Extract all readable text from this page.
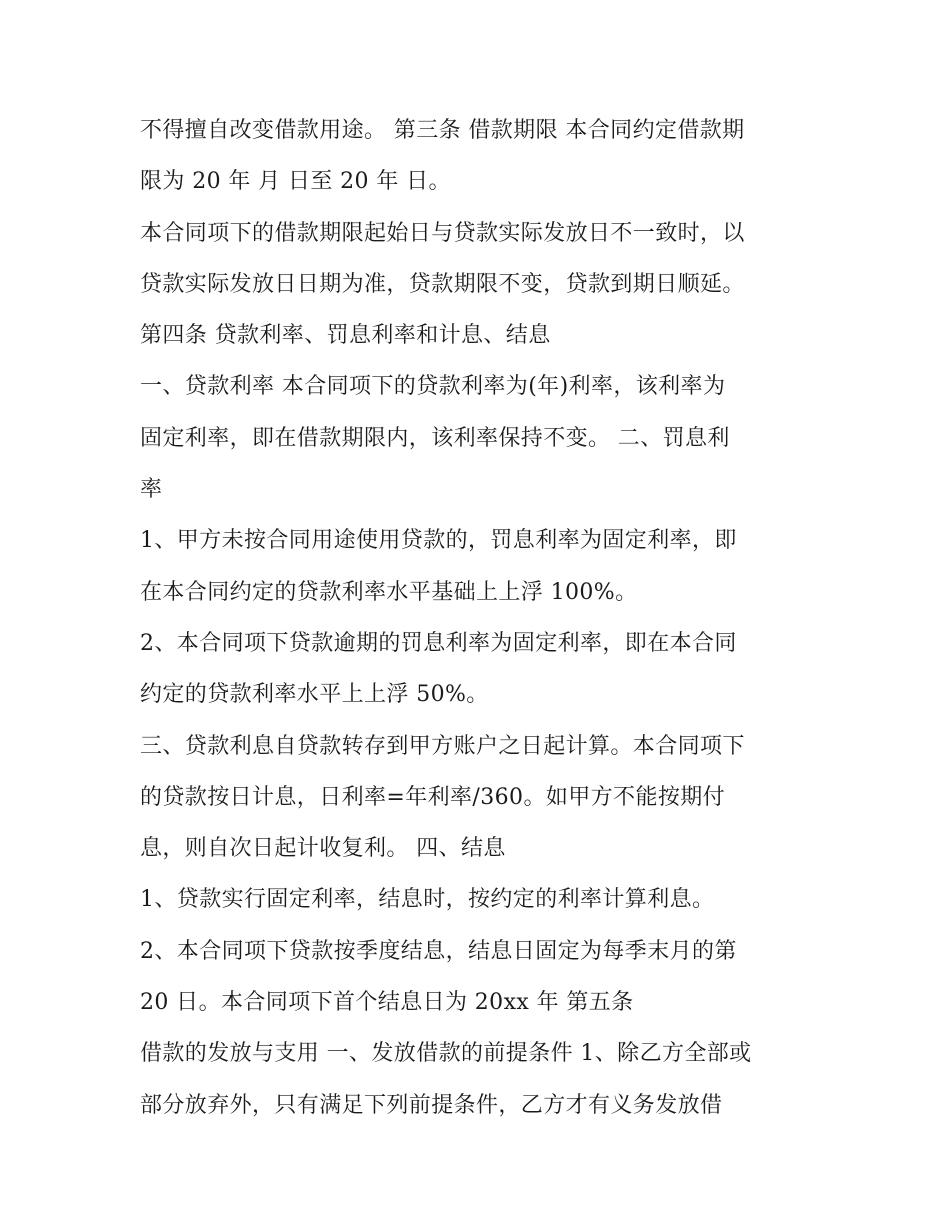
不得擅自改变借款用途。 第三条 借款期限 本合同约定借款期
限为 20 年 月 日至 20 年 日。
本合同项下的借款期限起始日与贷款实际发放日不一致时，以
贷款实际发放日日期为准，贷款期限不变，贷款到期日顺延。
第四条 贷款利率、罚息利率和计息、结息
一、贷款利率 本合同项下的贷款利率为(年)利率，该利率为
固定利率，即在借款期限内，该利率保持不变。 二、罚息利
率
1、甲方未按合同用途使用贷款的，罚息利率为固定利率，即
在本合同约定的贷款利率水平基础上上浮 100%。
2、本合同项下贷款逾期的罚息利率为固定利率，即在本合同
约定的贷款利率水平上上浮 50%。
三、贷款利息自贷款转存到甲方账户之日起计算。本合同项下
的贷款按日计息，日利率=年利率/360。如甲方不能按期付
息，则自次日起计收复利。 四、结息
1、贷款实行固定利率，结息时，按约定的利率计算利息。
2、本合同项下贷款按季度结息，结息日固定为每季末月的第
20 日。本合同项下首个结息日为 20xx 年 第五条
借款的发放与支用 一、发放借款的前提条件 1、除乙方全部或
部分放弃外，只有满足下列前提条件，乙方才有义务发放借
